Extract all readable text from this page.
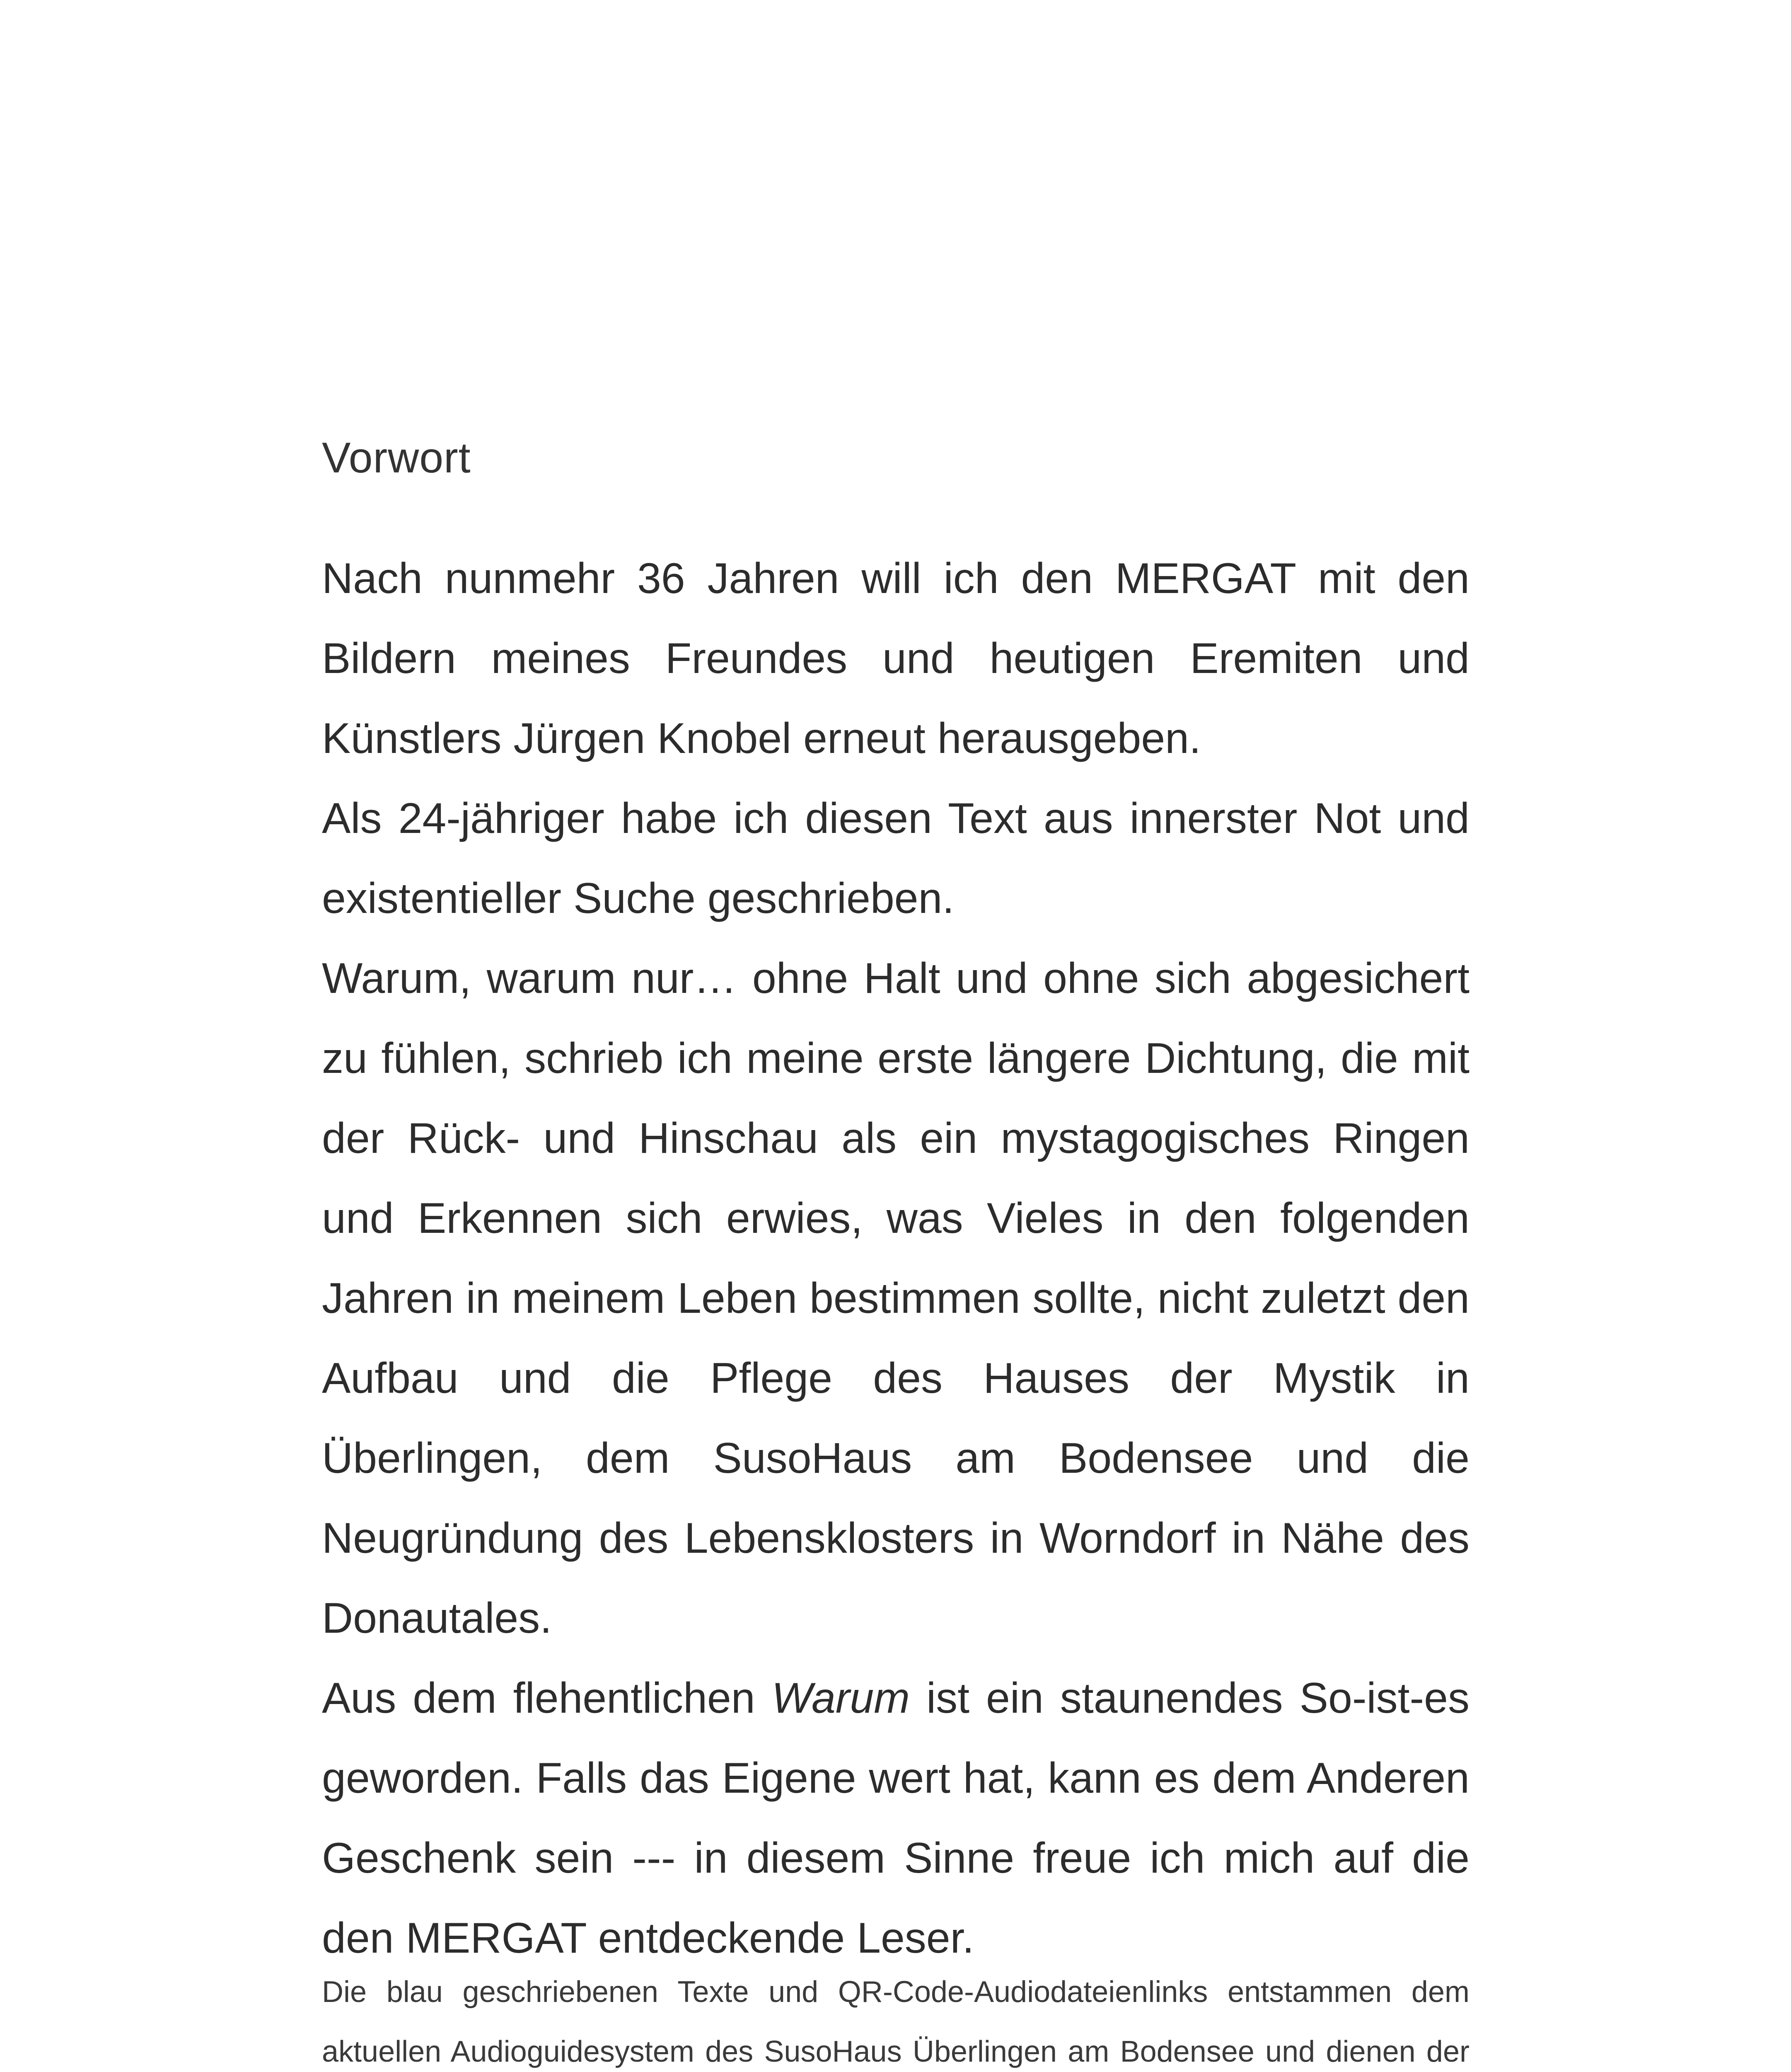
Vorwort

Nach nunmehr 36 Jahren will ich den MERGAT mit den Bildern meines Freundes und heutigen Eremiten und Künstlers Jürgen Knobel erneut herausgeben.

Als 24-jähriger habe ich diesen Text aus innerster Not und existentieller Suche geschrieben.

Warum, warum nur… ohne Halt und ohne sich abgesichert zu fühlen, schrieb ich meine erste längere Dichtung, die mit der Rück- und Hinschau als ein mystagogisches Ringen und Erkennen sich erwies, was Vieles in den folgenden Jahren in meinem Leben bestimmen sollte, nicht zuletzt den Aufbau und die Pflege des Hauses der Mystik in Überlingen, dem SusoHaus am Bodensee und die Neugründung des Lebensklosters in Worndorf in Nähe des Donautales.

Aus dem flehentlichen Warum ist ein staunendes So-ist-es geworden. Falls das Eigene wert hat, kann es dem Anderen Geschenk sein --- in diesem Sinne freue ich mich auf die den MERGAT entdeckende Leser.

Die blau geschriebenen Texte und QR-Code-Audiodateienlinks entstammen dem aktuellen Audioguidesystem des SusoHaus Überlingen am Bodensee und dienen der
